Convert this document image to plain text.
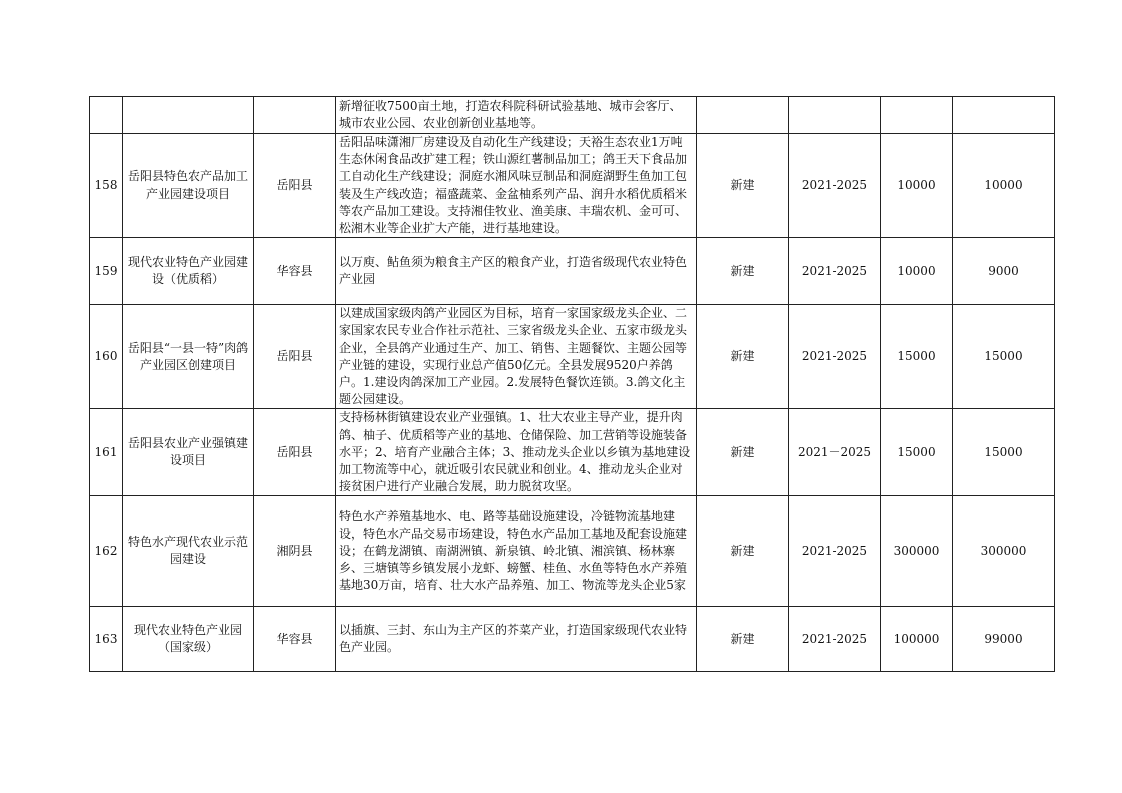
			新增征收7500亩土地，打造农科院科研试验基地、城市会客厅、城市农业公园、农业创新创业基地等。				
158	岳阳县特色农产品加工产业园建设项目	岳阳县	岳阳品味潇湘厂房建设及自动化生产线建设；天裕生态农业1万吨生态休闲食品改扩建工程；铁山源红薯制品加工；鸽王天下食品加工自动化生产线建设；洞庭水湘风味豆制品和洞庭湖野生鱼加工包装及生产线改造；福盛蔬菜、金盆柚系列产品、润升水稻优质稻米等农产品加工建设。支持湘佳牧业、渔美康、丰瑞农机、金可可、松湘木业等企业扩大产能，进行基地建设。	新建	2021-2025	10000	10000
159	现代农业特色产业园建设（优质稻）	华容县	以万庾、鲇鱼须为粮食主产区的粮食产业，打造省级现代农业特色产业园	新建	2021-2025	10000	9000
160	岳阳县“一县一特”肉鸽产业园区创建项目	岳阳县	以建成国家级肉鸽产业园区为目标，培育一家国家级龙头企业、二家国家农民专业合作社示范社、三家省级龙头企业、五家市级龙头企业，全县鸽产业通过生产、加工、销售、主题餐饮、主题公园等产业链的建设，实现行业总产值50亿元。全县发展9520户养鸽户。1.建设肉鸽深加工产业园。2.发展特色餐饮连锁。3.鸽文化主题公园建设。	新建	2021-2025	15000	15000
161	岳阳县农业产业强镇建设项目	岳阳县	支持杨林街镇建设农业产业强镇。1、壮大农业主导产业，提升肉鸽、柚子、优质稻等产业的基地、仓储保险、加工营销等设施装备水平；2、培育产业融合主体；3、推动龙头企业以乡镇为基地建设加工物流等中心，就近吸引农民就业和创业。4、推动龙头企业对接贫困户进行产业融合发展，助力脱贫攻坚。	新建	2021－2025	15000	15000
162	特色水产现代农业示范园建设	湘阴县	特色水产养殖基地水、电、路等基础设施建设，冷链物流基地建设，特色水产品交易市场建设，特色水产品加工基地及配套设施建设；在鹤龙湖镇、南湖洲镇、新泉镇、岭北镇、湘滨镇、杨林寨乡、三塘镇等乡镇发展小龙虾、螃蟹、桂鱼、水鱼等特色水产养殖基地30万亩，培育、壮大水产品养殖、加工、物流等龙头企业5家	新建	2021-2025	300000	300000
163	现代农业特色产业园（国家级）	华容县	以插旗、三封、东山为主产区的芥菜产业，打造国家级现代农业特色产业园。	新建	2021-2025	100000	99000
